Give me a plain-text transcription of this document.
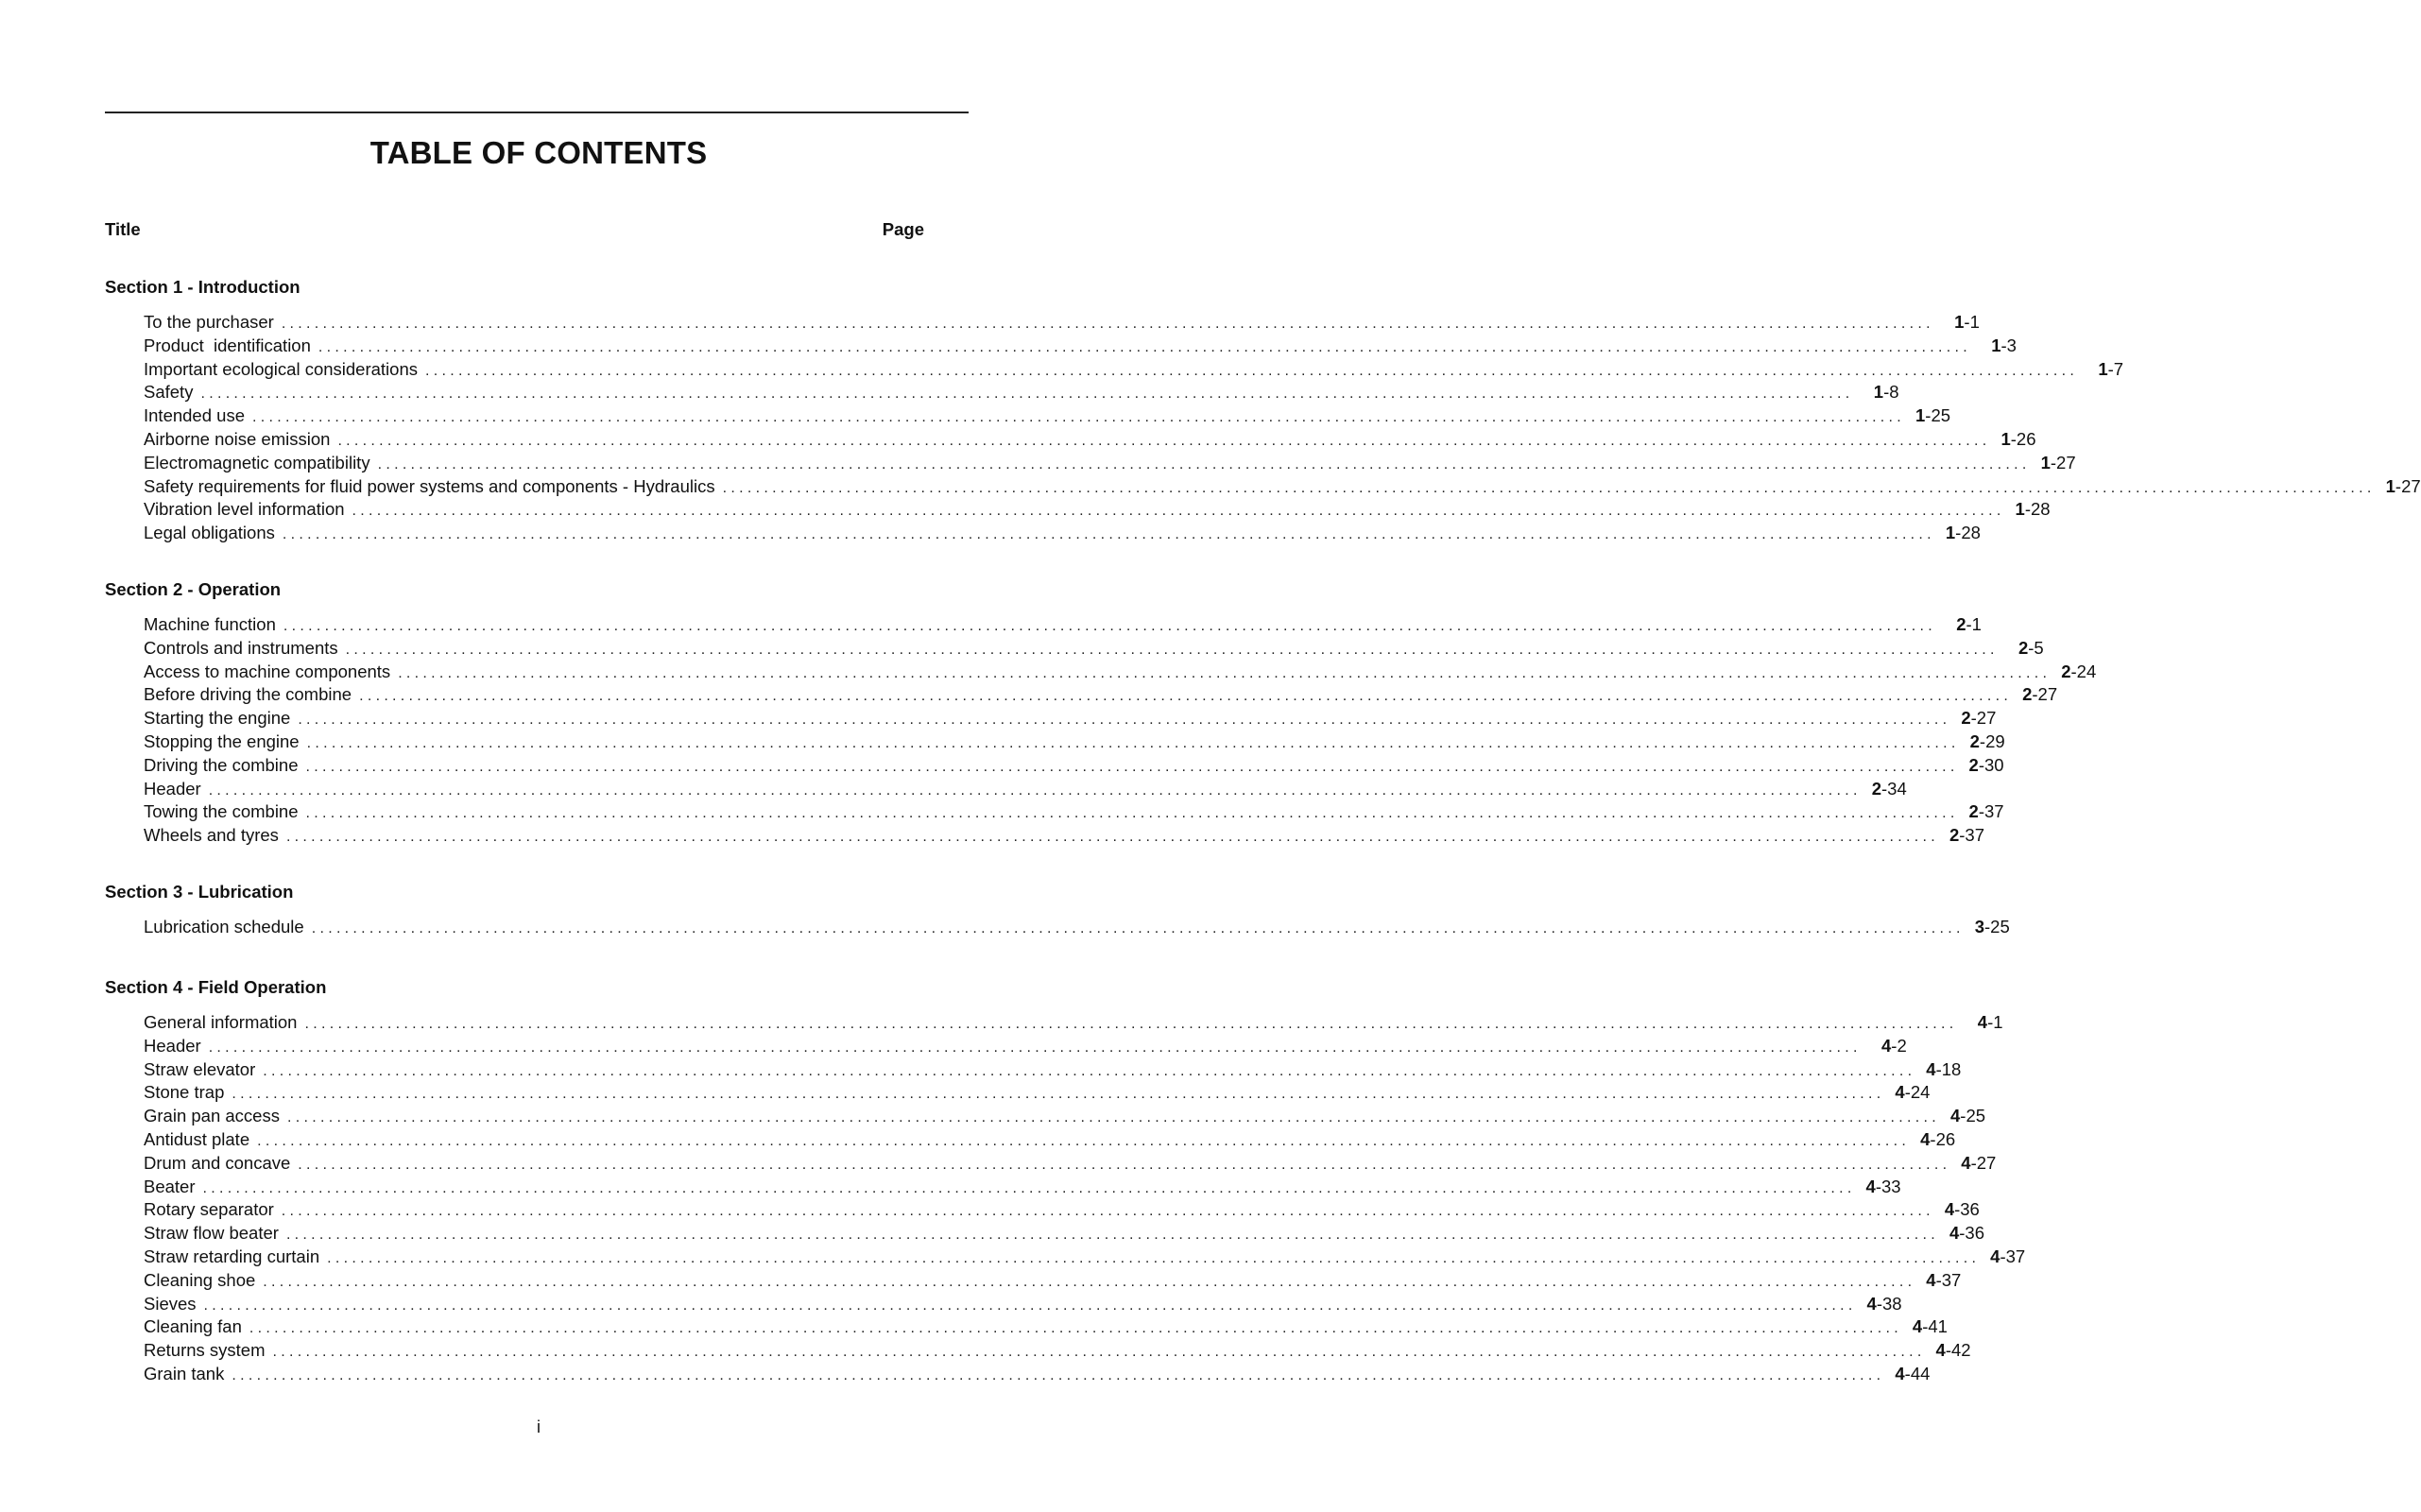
TABLE OF CONTENTS
Title	Page
Section 1 - Introduction
To the purchaser ........................................................................................................................................................................................................	1-1
Product  identification ........................................................................................................................................................................................................	1-3
Important ecological considerations ........................................................................................................................................................................................................	1-7
Safety ........................................................................................................................................................................................................	1-8
Intended use ........................................................................................................................................................................................................ 1-25
Airborne noise emission ........................................................................................................................................................................................................ 1-26
Electromagnetic compatibility ........................................................................................................................................................................................................ 1-27
Safety requirements for fluid power systems and components - Hydraulics ........................................................................................................................................................................................................ 1-27
Vibration level information ........................................................................................................................................................................................................ 1-28
Legal obligations ........................................................................................................................................................................................................ 1-28
Section 2 - Operation
Machine function ........................................................................................................................................................................................................	2-1
Controls and instruments ........................................................................................................................................................................................................	2-5
Access to machine components ........................................................................................................................................................................................................ 2-24
Before driving the combine ........................................................................................................................................................................................................ 2-27
Starting the engine ........................................................................................................................................................................................................ 2-27
Stopping the engine ........................................................................................................................................................................................................ 2-29
Driving the combine ........................................................................................................................................................................................................ 2-30
Header ........................................................................................................................................................................................................ 2-34
Towing the combine ........................................................................................................................................................................................................ 2-37
Wheels and tyres ........................................................................................................................................................................................................ 2-37
Section 3 - Lubrication
Lubrication schedule ........................................................................................................................................................................................................ 3-25
Section 4 - Field Operation
General information ........................................................................................................................................................................................................	4-1
Header ........................................................................................................................................................................................................	4-2
Straw elevator ........................................................................................................................................................................................................ 4-18
Stone trap ........................................................................................................................................................................................................ 4-24
Grain pan access ........................................................................................................................................................................................................ 4-25
Antidust plate ........................................................................................................................................................................................................ 4-26
Drum and concave ........................................................................................................................................................................................................ 4-27
Beater ........................................................................................................................................................................................................ 4-33
Rotary separator ........................................................................................................................................................................................................ 4-36
Straw flow beater ........................................................................................................................................................................................................ 4-36
Straw retarding curtain ........................................................................................................................................................................................................ 4-37
Cleaning shoe ........................................................................................................................................................................................................ 4-37
Sieves ........................................................................................................................................................................................................ 4-38
Cleaning fan ........................................................................................................................................................................................................ 4-41
Returns system ........................................................................................................................................................................................................ 4-42
Grain tank ........................................................................................................................................................................................................ 4-44
i
